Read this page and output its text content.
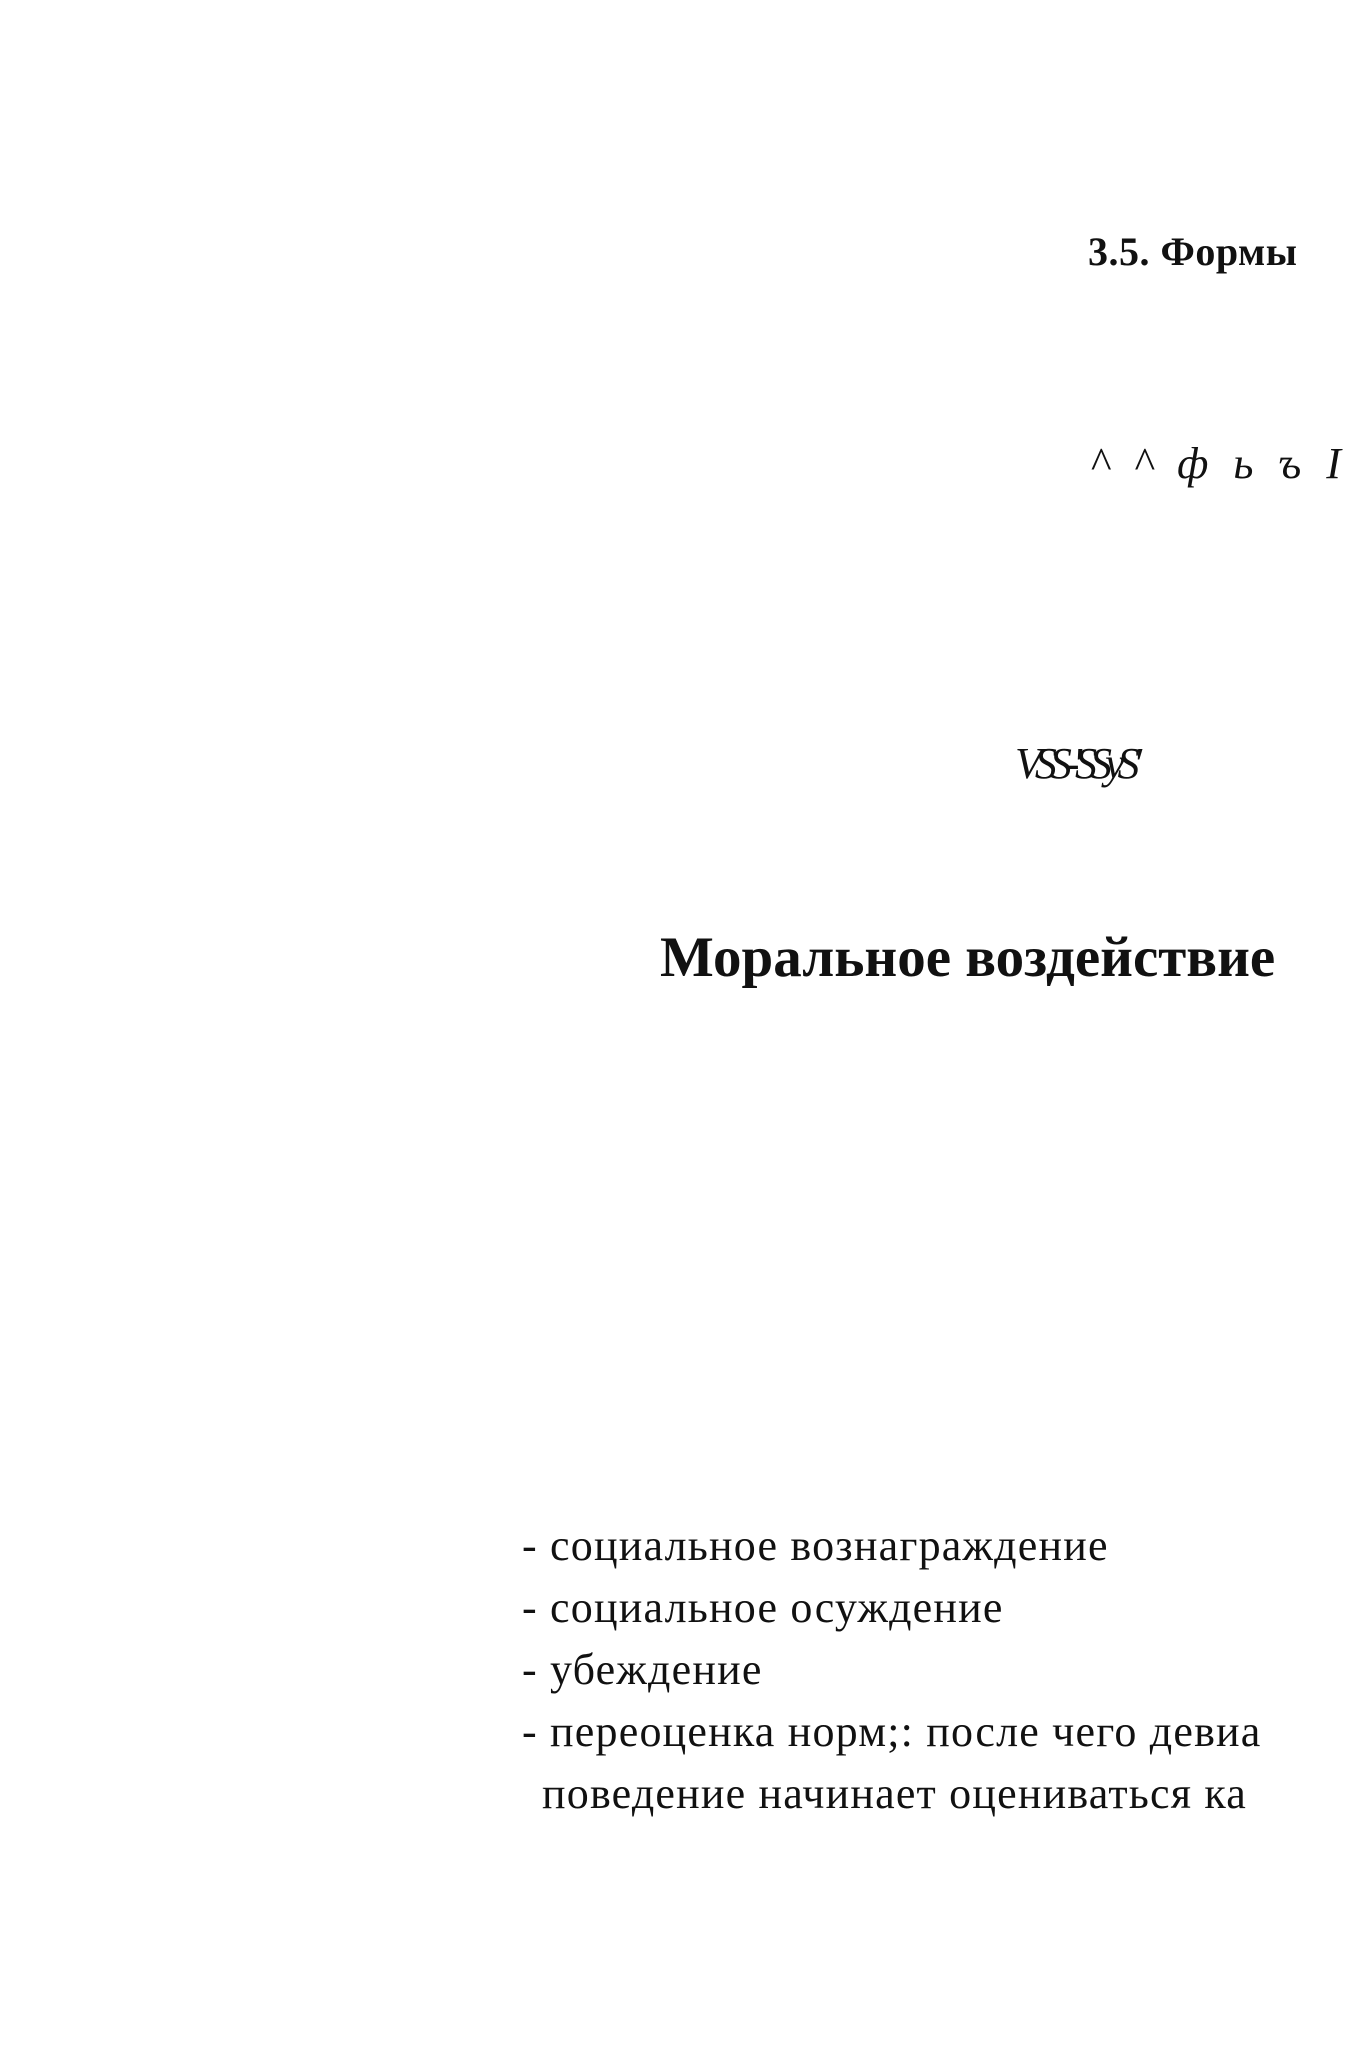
3.5. Формы
^ ^ ф ь ъ І
VSS-'SSyS'
Моральное воздействие
- социальное вознаграждение
- социальное осуждение
- убеждение
- переоценка норм;: после чего девиа
поведение начинает оцениваться ка
